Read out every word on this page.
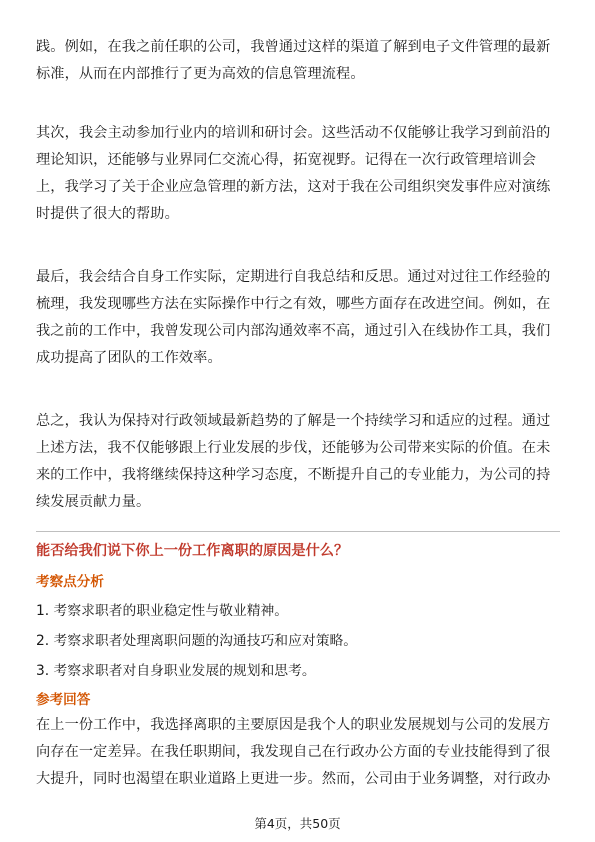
践。例如，在我之前任职的公司，我曾通过这样的渠道了解到电子文件管理的最新
标准，从而在内部推行了更为高效的信息管理流程。

其次，我会主动参加行业内的培训和研讨会。这些活动不仅能够让我学习到前沿的
理论知识，还能够与业界同仁交流心得，拓宽视野。记得在一次行政管理培训会
上，我学习了关于企业应急管理的新方法，这对于我在公司组织突发事件应对演练
时提供了很大的帮助。

最后，我会结合自身工作实际，定期进行自我总结和反思。通过对过往工作经验的
梳理，我发现哪些方法在实际操作中行之有效，哪些方面存在改进空间。例如，在
我之前的工作中，我曾发现公司内部沟通效率不高，通过引入在线协作工具，我们
成功提高了团队的工作效率。

总之，我认为保持对行政领域最新趋势的了解是一个持续学习和适应的过程。通过
上述方法，我不仅能够跟上行业发展的步伐，还能够为公司带来实际的价值。在未
来的工作中，我将继续保持这种学习态度，不断提升自己的专业能力，为公司的持
续发展贡献力量。

能否给我们说下你上一份工作离职的原因是什么？
考察点分析
1. 考察求职者的职业稳定性与敬业精神。
2. 考察求职者处理离职问题的沟通技巧和应对策略。
3. 考察求职者对自身职业发展的规划和思考。
参考回答

在上一份工作中，我选择离职的主要原因是我个人的职业发展规划与公司的发展方
向存在一定差异。在我任职期间，我发现自己在行政办公方面的专业技能得到了很
大提升，同时也渴望在职业道路上更进一步。然而，公司由于业务调整，对行政办

第4页，共50页
